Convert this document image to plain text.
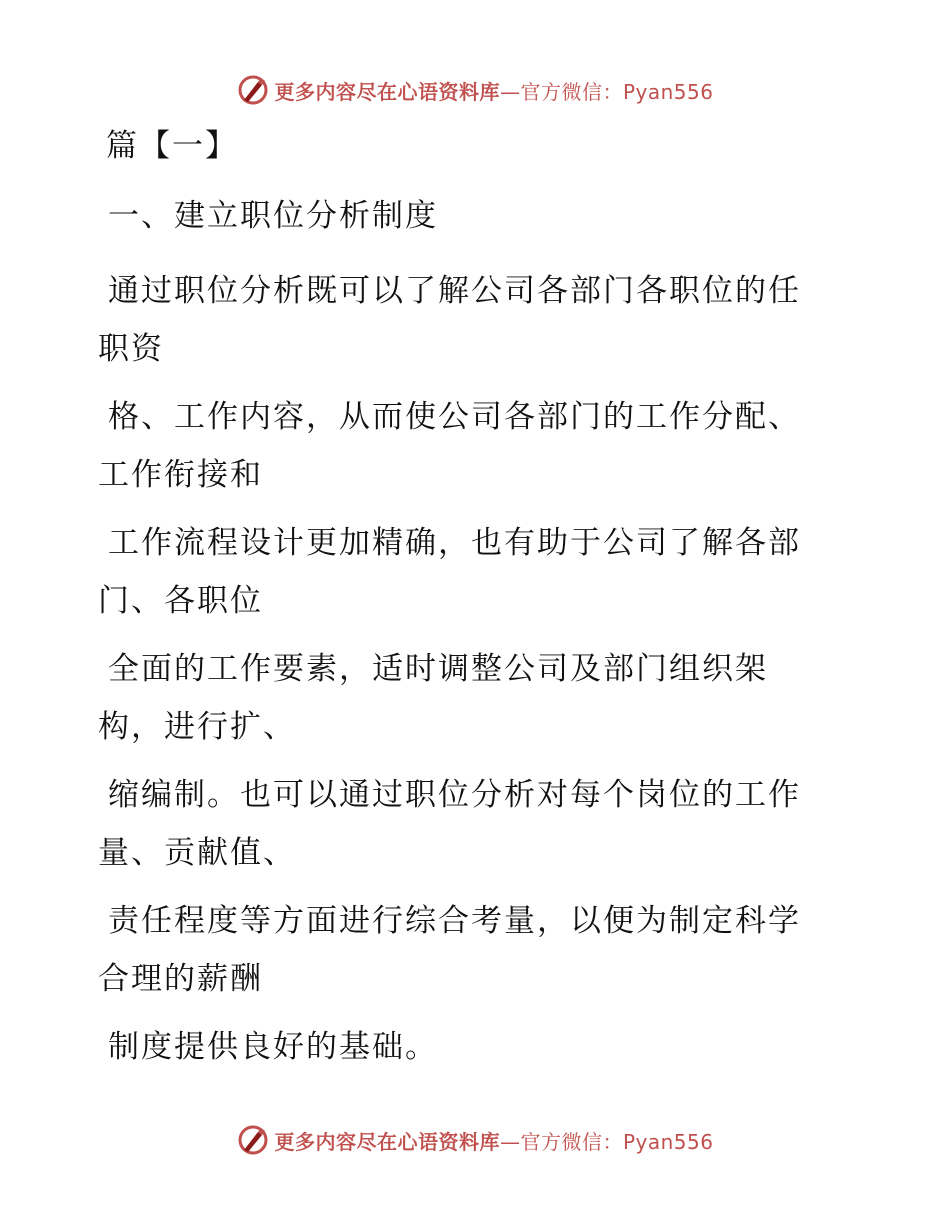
更多内容尽在心语资料库—官方微信：Pyan556
篇【一】
一、建立职位分析制度
通过职位分析既可以了解公司各部门各职位的任
职资
格、工作内容，从而使公司各部门的工作分配、
工作衔接和
工作流程设计更加精确，也有助于公司了解各部
门、各职位
全面的工作要素，适时调整公司及部门组织架
构，进行扩、
缩编制。也可以通过职位分析对每个岗位的工作
量、贡献值、
责任程度等方面进行综合考量，以便为制定科学
合理的薪酬
制度提供良好的基础。
更多内容尽在心语资料库—官方微信：Pyan556
